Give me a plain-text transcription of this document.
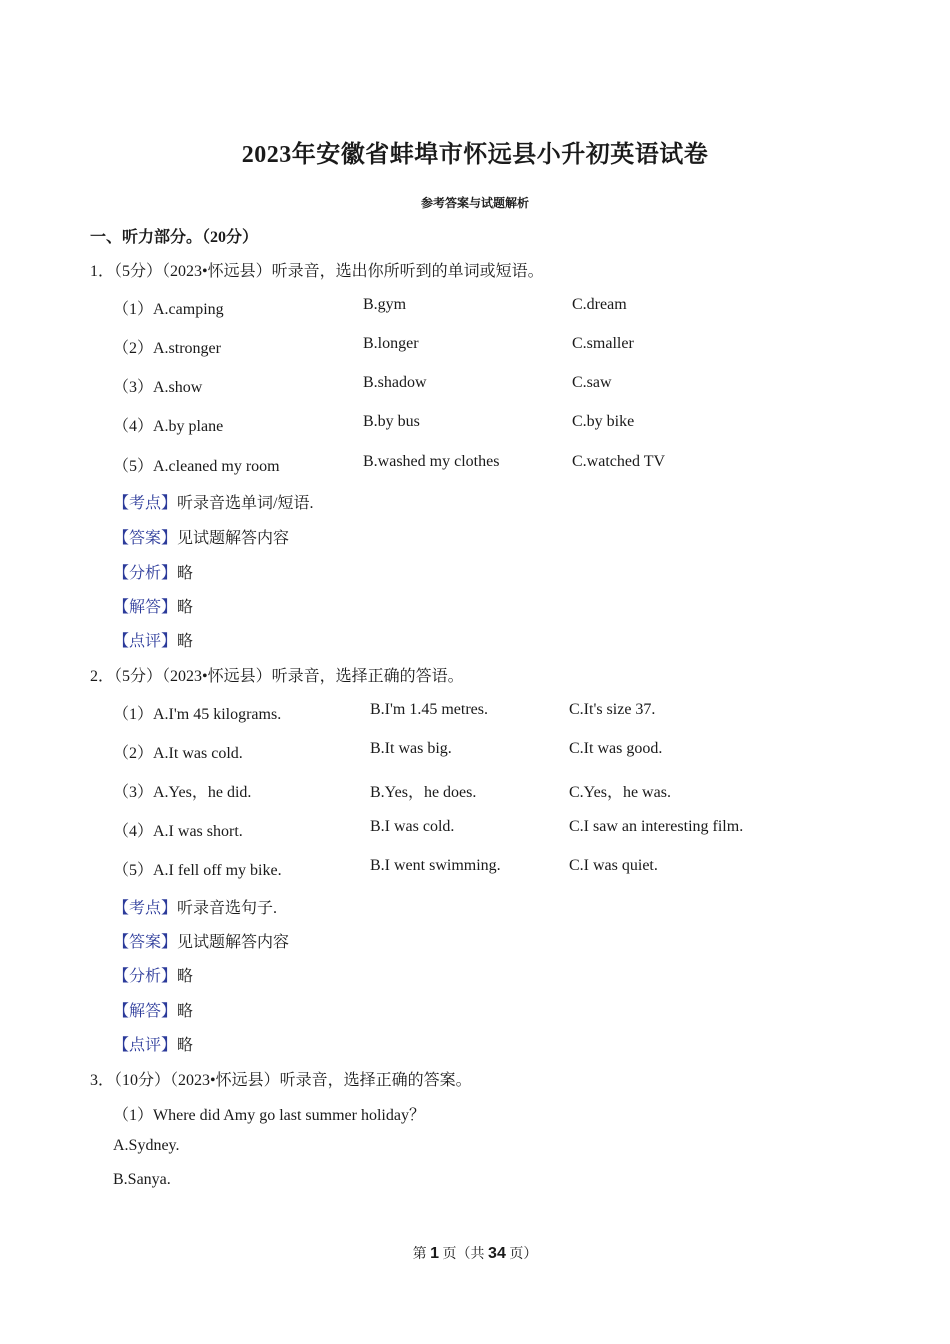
2023年安徽省蚌埠市怀远县小升初英语试卷
参考答案与试题解析
一、听力部分。（20分）
1．（5分）（2023•怀远县）听录音，选出你所听到的单词或短语。
（1）A.camping	B.gym	C.dream
（2）A.stronger	B.longer	C.smaller
（3）A.show	B.shadow	C.saw
（4）A.by plane	B.by bus	C.by bike
（5）A.cleaned my room	B.washed my clothes	C.watched TV
【考点】听录音选单词/短语.
【答案】见试题解答内容
【分析】略
【解答】略
【点评】略
2．（5分）（2023•怀远县）听录音，选择正确的答语。
（1）A.I'm 45 kilograms.	B.I'm 1.45 metres.	C.It's size 37.
（2）A.It was cold.	B.It was big.	C.It was good.
（3）A.Yes，he did.	B.Yes，he does.	C.Yes，he was.
（4）A.I was short.	B.I was cold.	C.I saw an interesting film.
（5）A.I fell off my bike.	B.I went swimming.	C.I was quiet.
【考点】听录音选句子.
【答案】见试题解答内容
【分析】略
【解答】略
【点评】略
3．（10分）（2023•怀远县）听录音，选择正确的答案。
（1）Where did Amy go last summer holiday？
A.Sydney.
B.Sanya.
第 1 页（共 34 页）
